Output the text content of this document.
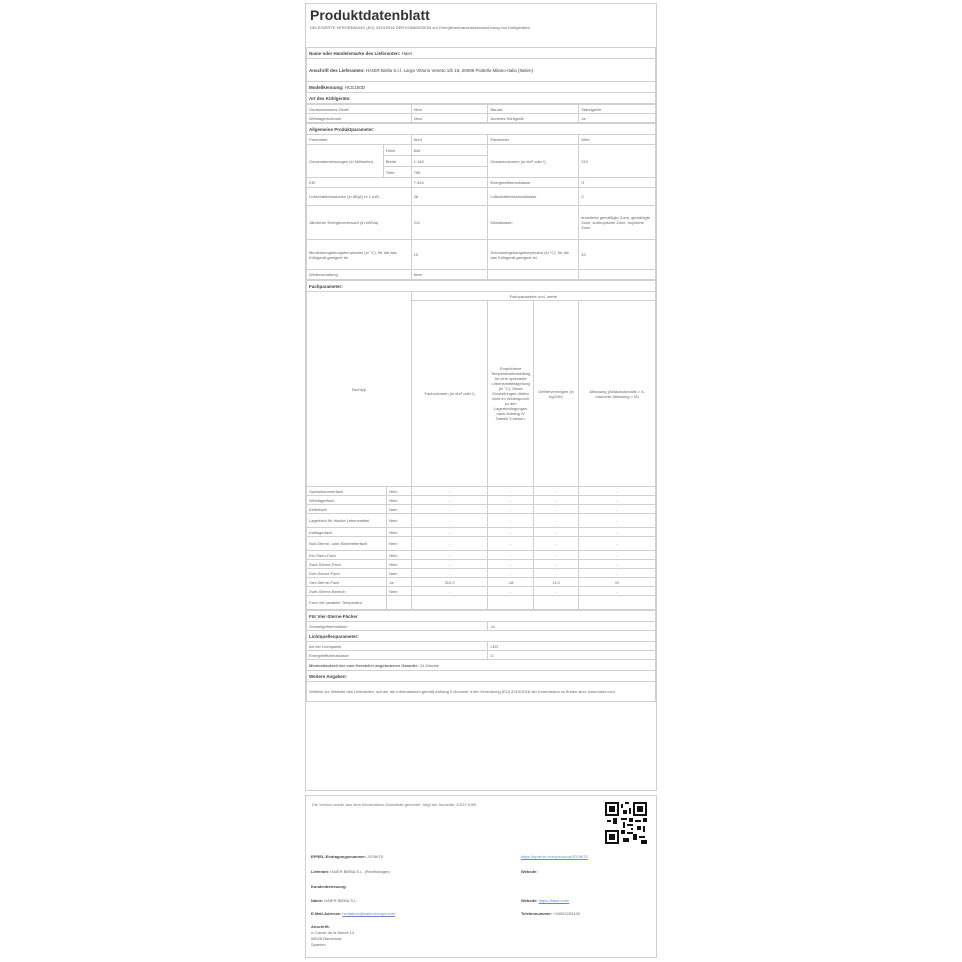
Produktdatenblatt
DELEGIERTE VERORDNUNG (EU) 2019/2016 DER KOMMISSION zur Energieverbrauchskennzeichnung von Kühlgeräten
Name oder Handelsmarke des Lieferanten: Haier
Anschrift des Lieferanten: HAIER Biella S.r.l. Largo Vittorio Veneto 1/b 18, 20096 Pioltello Milano-Italia (Italien)
Modellkennung: HCE150D
Art des Kühlgeräts:
Geräuscharmes Gerät	Nein	Bauart:	Standgerät
Weinlagerschrank	Nein	Anderes Kühlgerät	Ja
Allgemeine Produktparameter:				
Parameter		Wert	Parameter	Wert
Gesamtabmessungen (in Millimeter)	Höhe	845	Gesamtvolumen (in dm³ oder l)	310
	Breite	1.145		
	Tiefe	755		
EEI		7.944	Energieeffizienzklasse	G
Luftschallemissionen (in dB(A) re 1 pW)		38	Luftschallemissionsklasse	C
Jährlicher Energieverbrauch (in kWh/a)		211	Klimaklasse:	erweiterte gemäßigte Zone, gemäßigte Zone, subtropische Zone, tropische Zone
Mindestumgebungstemperatur (in °C), für die das Kühlgerät geeignet ist		10	Höchstumgebungstemperatur (in °C), für die das Kühlgerät geeignet ist	43
Winterschaltung		Nein		
Fachparameter:					
Fachtyp		Fachparameter und -werte			
		Fachvolumen (in dm³ oder l)	Empfohlene Temperatureinstellung für eine optimierte Lebensmittellagerung (in °C). Diese Einstellungen dürfen nicht im Widerspruch zu den Lagerbedingungen nach Anhang IV Tabelle 3 stehen.	Gefriervermögen (in kg/24h)	Abtauung (Abtauautomatik = A, manuelle Abtauung = M)
Speisekammerfach	Nein	-	-	-	-
Weinlagerfach	Nein	-	-	-	-
Kellerfach	Nein	-	-	-	-
Lagerfach für frische Lebensmittel	Nein	-	-	-	-
Kaltlagerfach	Nein	-	-	-	-
Null-Sterne- oder Eisbereiterfach	Nein	-	-	-	-
Ein-Stern-Fach	Nein	-	-	-	-
Zwei-Sterne-Fach	Nein	-	-	-	-
Drei-Sterne-Fach	Nein	-	-	-	-
Vier-Sterne-Fach	Ja	310,0	-18	14,0	M
Zwei-Sterne-Bereich	Nein	-	-	-	-
Fach mit variabler Temperatur					
Für Vier-Sterne-Fächer	
Schnellgefrierfunktion	Ja
Lichtquellenparameter:	
Art der Lichtquelle	LED
Energieeffizienzklasse	G
Mindestlaufzeit der vom Hersteller angebotenen Garantie: 24 Monate	
Weitere Angaben:	
Weblink zur Website des Lieferanten, auf der die Informationen gemäß Anhang II Nummer 4 der Verordnung (EU) 2019/2016 der Kommission zu finden sind: www.haier.com	
Die Version wurde aus dem Informations-Datenblatt generiert, trägt der Anmelde. EASY1069
EPREL-Eintragungsnummer: 2076675	https://eprel.ec.europa.eu/qr/2076675
Lieferant: HAIER BIEBA S.L. (Rechtsfolger)	Website:
Kundenbetreuung:
Name: HAIER BIEBA S.L.	Website: https://haier.com/
E-Mail-Adresse: hindatech@haier-europe.com	Telefonnummer: +34902202430
Anschrift:
c/ Carrer de la Mercè 14
08028 Barcelona
Spanien
